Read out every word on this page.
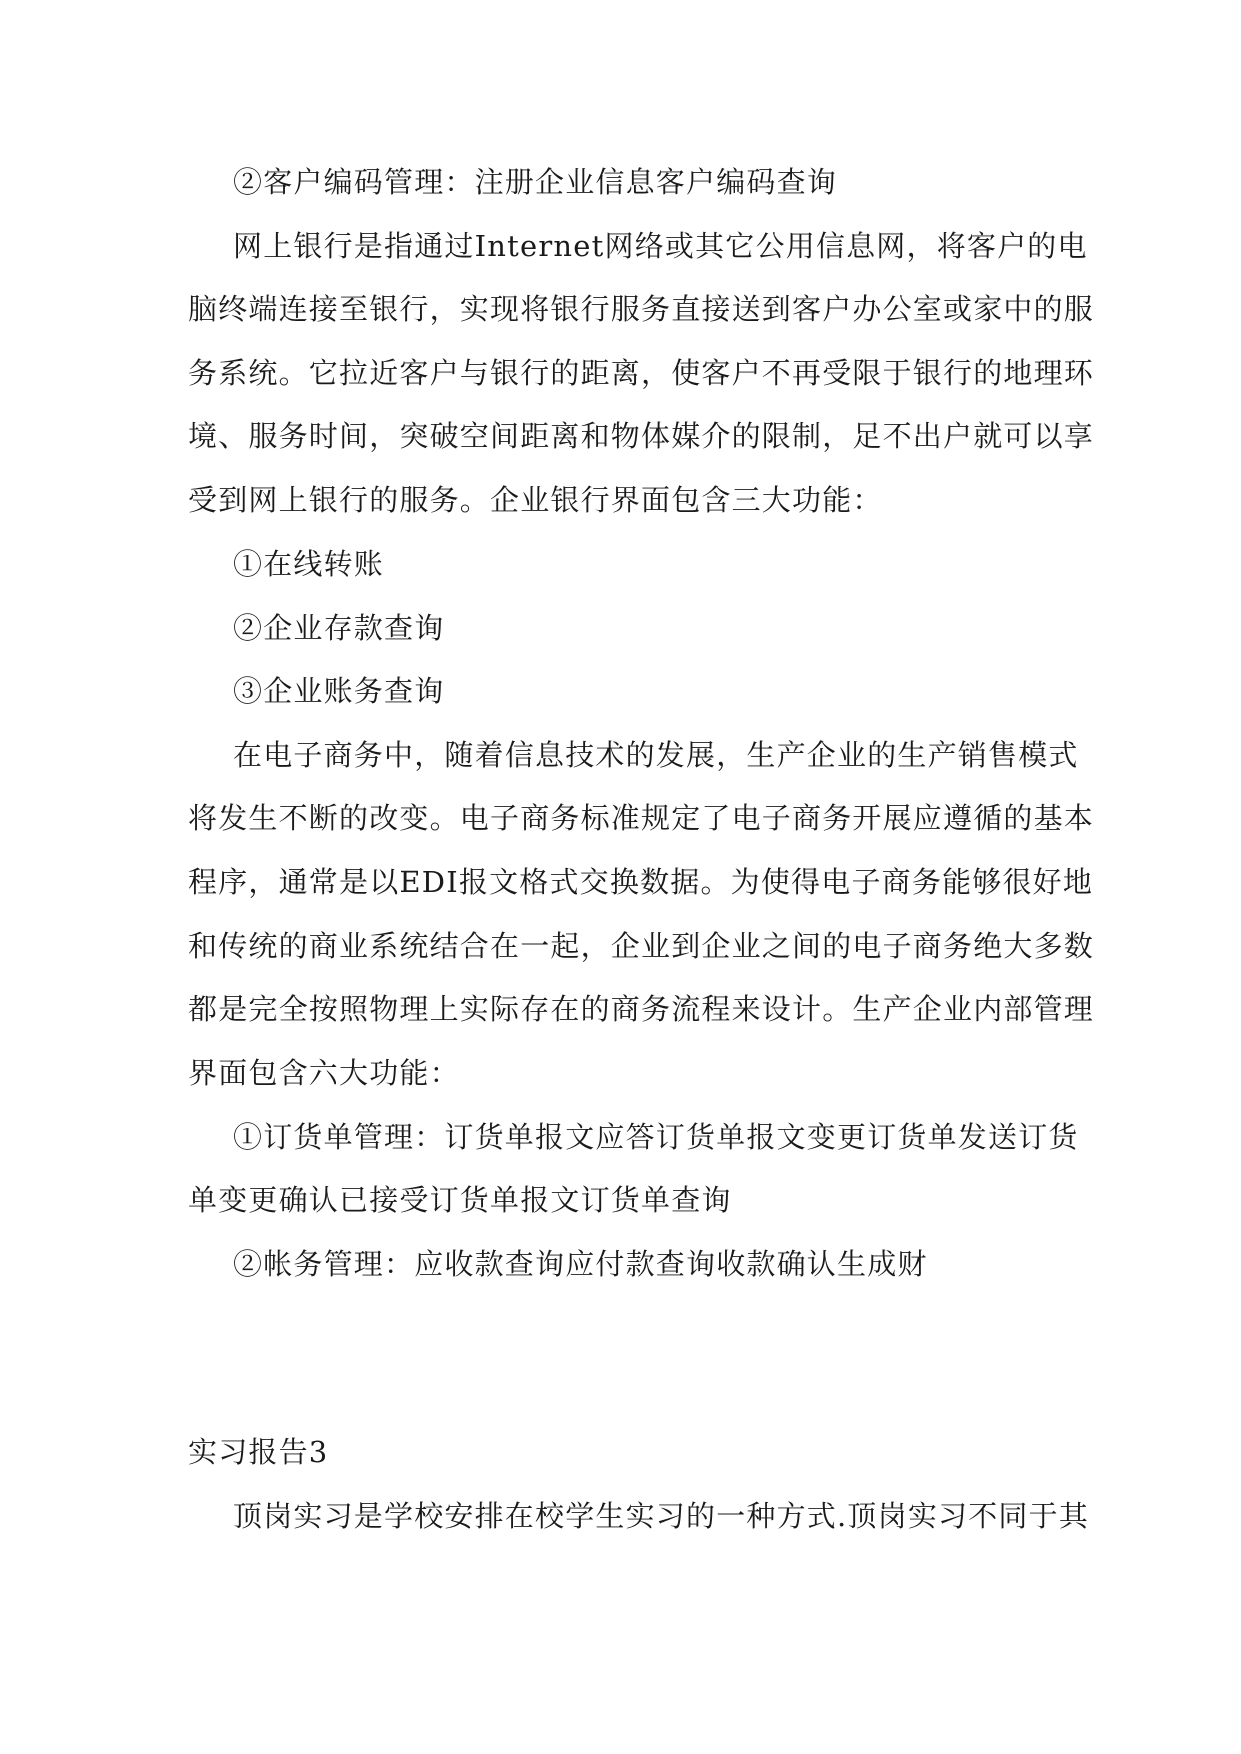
②客户编码管理：注册企业信息客户编码查询
网上银行是指通过Internet网络或其它公用信息网，将客户的电
脑终端连接至银行，实现将银行服务直接送到客户办公室或家中的服
务系统。它拉近客户与银行的距离，使客户不再受限于银行的地理环
境、服务时间，突破空间距离和物体媒介的限制，足不出户就可以享
受到网上银行的服务。企业银行界面包含三大功能：
①在线转账
②企业存款查询
③企业账务查询
在电子商务中，随着信息技术的发展，生产企业的生产销售模式
将发生不断的改变。电子商务标准规定了电子商务开展应遵循的基本
程序，通常是以EDI报文格式交换数据。为使得电子商务能够很好地
和传统的商业系统结合在一起，企业到企业之间的电子商务绝大多数
都是完全按照物理上实际存在的商务流程来设计。生产企业内部管理
界面包含六大功能：
①订货单管理：订货单报文应答订货单报文变更订货单发送订货
单变更确认已接受订货单报文订货单查询
②帐务管理：应收款查询应付款查询收款确认生成财
实习报告3
顶岗实习是学校安排在校学生实习的一种方式.顶岗实习不同于其
